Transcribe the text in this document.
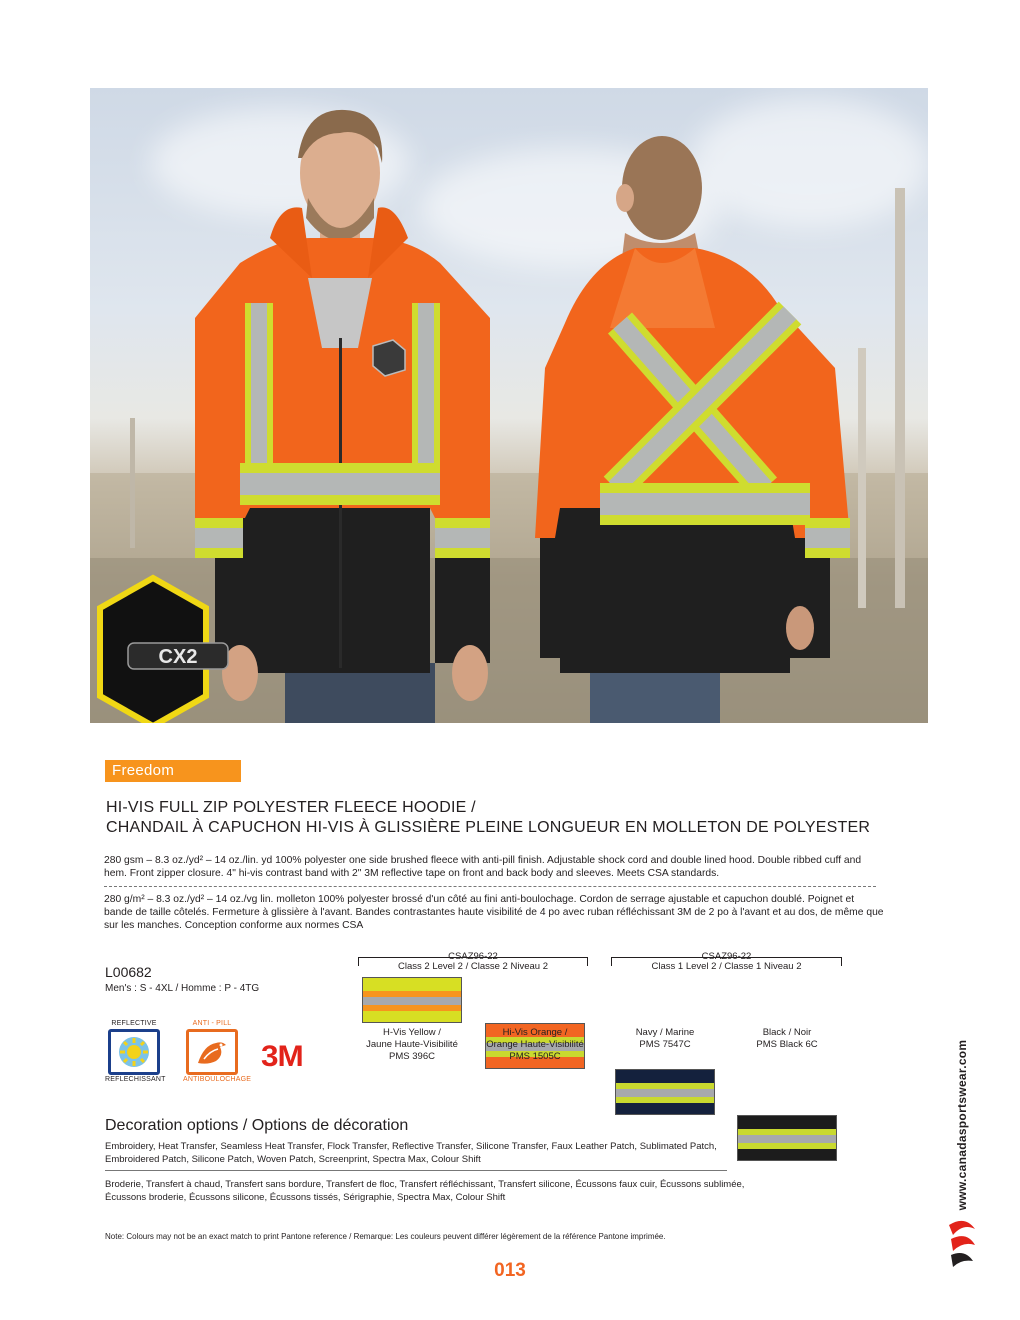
CX2
Freedom
HI-VIS FULL ZIP POLYESTER FLEECE HOODIE /
CHANDAIL À CAPUCHON HI-VIS À GLISSIÈRE PLEINE LONGUEUR EN MOLLETON DE POLYESTER
280 gsm – 8.3 oz./yd² – 14 oz./lin. yd 100% polyester one side brushed fleece with anti-pill finish. Adjustable shock cord and double lined hood. Double ribbed cuff and hem. Front zipper closure. 4" hi-vis contrast band with 2" 3M reflective tape on front and back body and sleeves. Meets CSA standards.
280 g/m² – 8.3 oz./yd² – 14 oz./vg lin. molleton 100% polyester brossé d'un côté au fini anti-boulochage. Cordon de serrage ajustable et capuchon doublé. Poignet et bande de taille côtelés. Fermeture à glissière à l'avant. Bandes contrastantes haute visibilité de 4 po avec ruban réfléchissant 3M de 2 po à l'avant et au dos, de même que sur les manches. Conception conforme aux normes CSA
L00682
Men's : S - 4XL / Homme : P - 4TG
REFLECTIVE
REFLECHISSANT
ANTI - PILL
ANTIBOULOCHAGE
3M
CSAZ96-22
Class 2 Level 2 / Classe 2 Niveau 2
CSAZ96-22
Class 1 Level 2 / Classe 1 Niveau 2
H-Vis Yellow /
Jaune Haute-Visibilité
PMS 396C
Hi-Vis Orange /
Orange Haute-Visibilité
PMS 1505C
Navy / Marine
PMS 7547C
Black / Noir
PMS Black 6C
Decoration options / Options de décoration
Embroidery, Heat Transfer, Seamless Heat Transfer, Flock Transfer, Reflective Transfer, Silicone Transfer, Faux Leather Patch, Sublimated Patch, Embroidered Patch, Silicone Patch, Woven Patch, Screenprint, Spectra Max, Colour Shift
Broderie, Transfert à chaud, Transfert sans bordure, Transfert de floc, Transfert réfléchissant, Transfert silicone, Écussons faux cuir, Écussons sublimée, Écussons broderie, Écussons silicone, Écussons tissés, Sérigraphie, Spectra Max, Colour Shift
Note: Colours may not be an exact match to print Pantone reference / Remarque: Les couleurs peuvent différer légèrement de la référence Pantone imprimée.
013
www.canadasportswear.com
